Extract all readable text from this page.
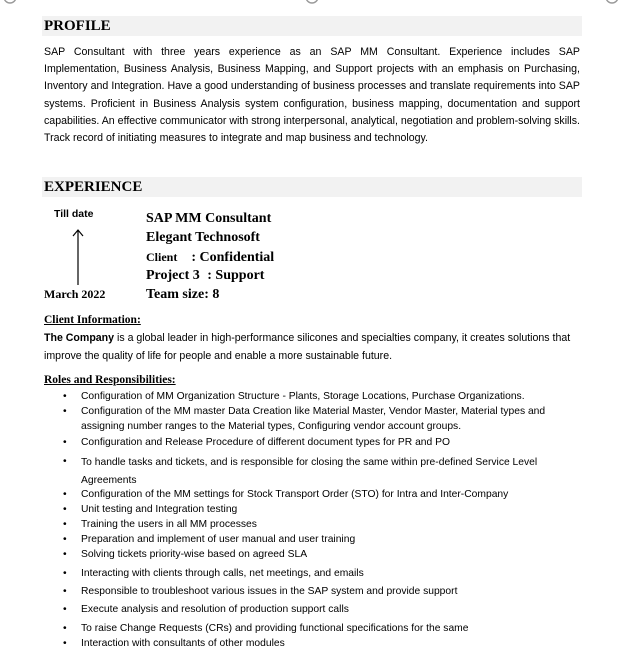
PROFILE

SAP Consultant with three years experience as an SAP MM Consultant. Experience includes SAP Implementation, Business Analysis, Business Mapping, and Support projects with an emphasis on Purchasing, Inventory and Integration. Have a good understanding of business processes and translate requirements into SAP systems. Proficient in Business Analysis system configuration, business mapping, documentation and support capabilities. An effective communicator with strong interpersonal, analytical, negotiation and problem-solving skills. Track record of initiating measures to integrate and map business and technology.

EXPERIENCE
Till date
March 2022
SAP MM Consultant
Elegant Technosoft
Client : Confidential
Project 3 : Support
Team size: 8
Client Information:

The Company is a global leader in high-performance silicones and specialties company, it creates solutions that improve the quality of life for people and enable a more sustainable future.

Roles and Responsibilities:
•	Configuration of MM Organization Structure - Plants, Storage Locations, Purchase Organizations.
•	Configuration of the MM master Data Creation like Material Master, Vendor Master, Material types and assigning number ranges to the Material types, Configuring vendor account groups.
•	Configuration and Release Procedure of different document types for PR and PO
•	To handle tasks and tickets, and is responsible for closing the same within pre-defined Service Level Agreements
•	Configuration of the MM settings for Stock Transport Order (STO) for Intra and Inter-Company
•	Unit testing and Integration testing
•	Training the users in all MM processes
•	Preparation and implement of user manual and user training
•	Solving tickets priority-wise based on agreed SLA
•	Interacting with clients through calls, net meetings, and emails
•	Responsible to troubleshoot various issues in the SAP system and provide support
•	Execute analysis and resolution of production support calls
•	To raise Change Requests (CRs) and providing functional specifications for the same
•	Interaction with consultants of other modules
